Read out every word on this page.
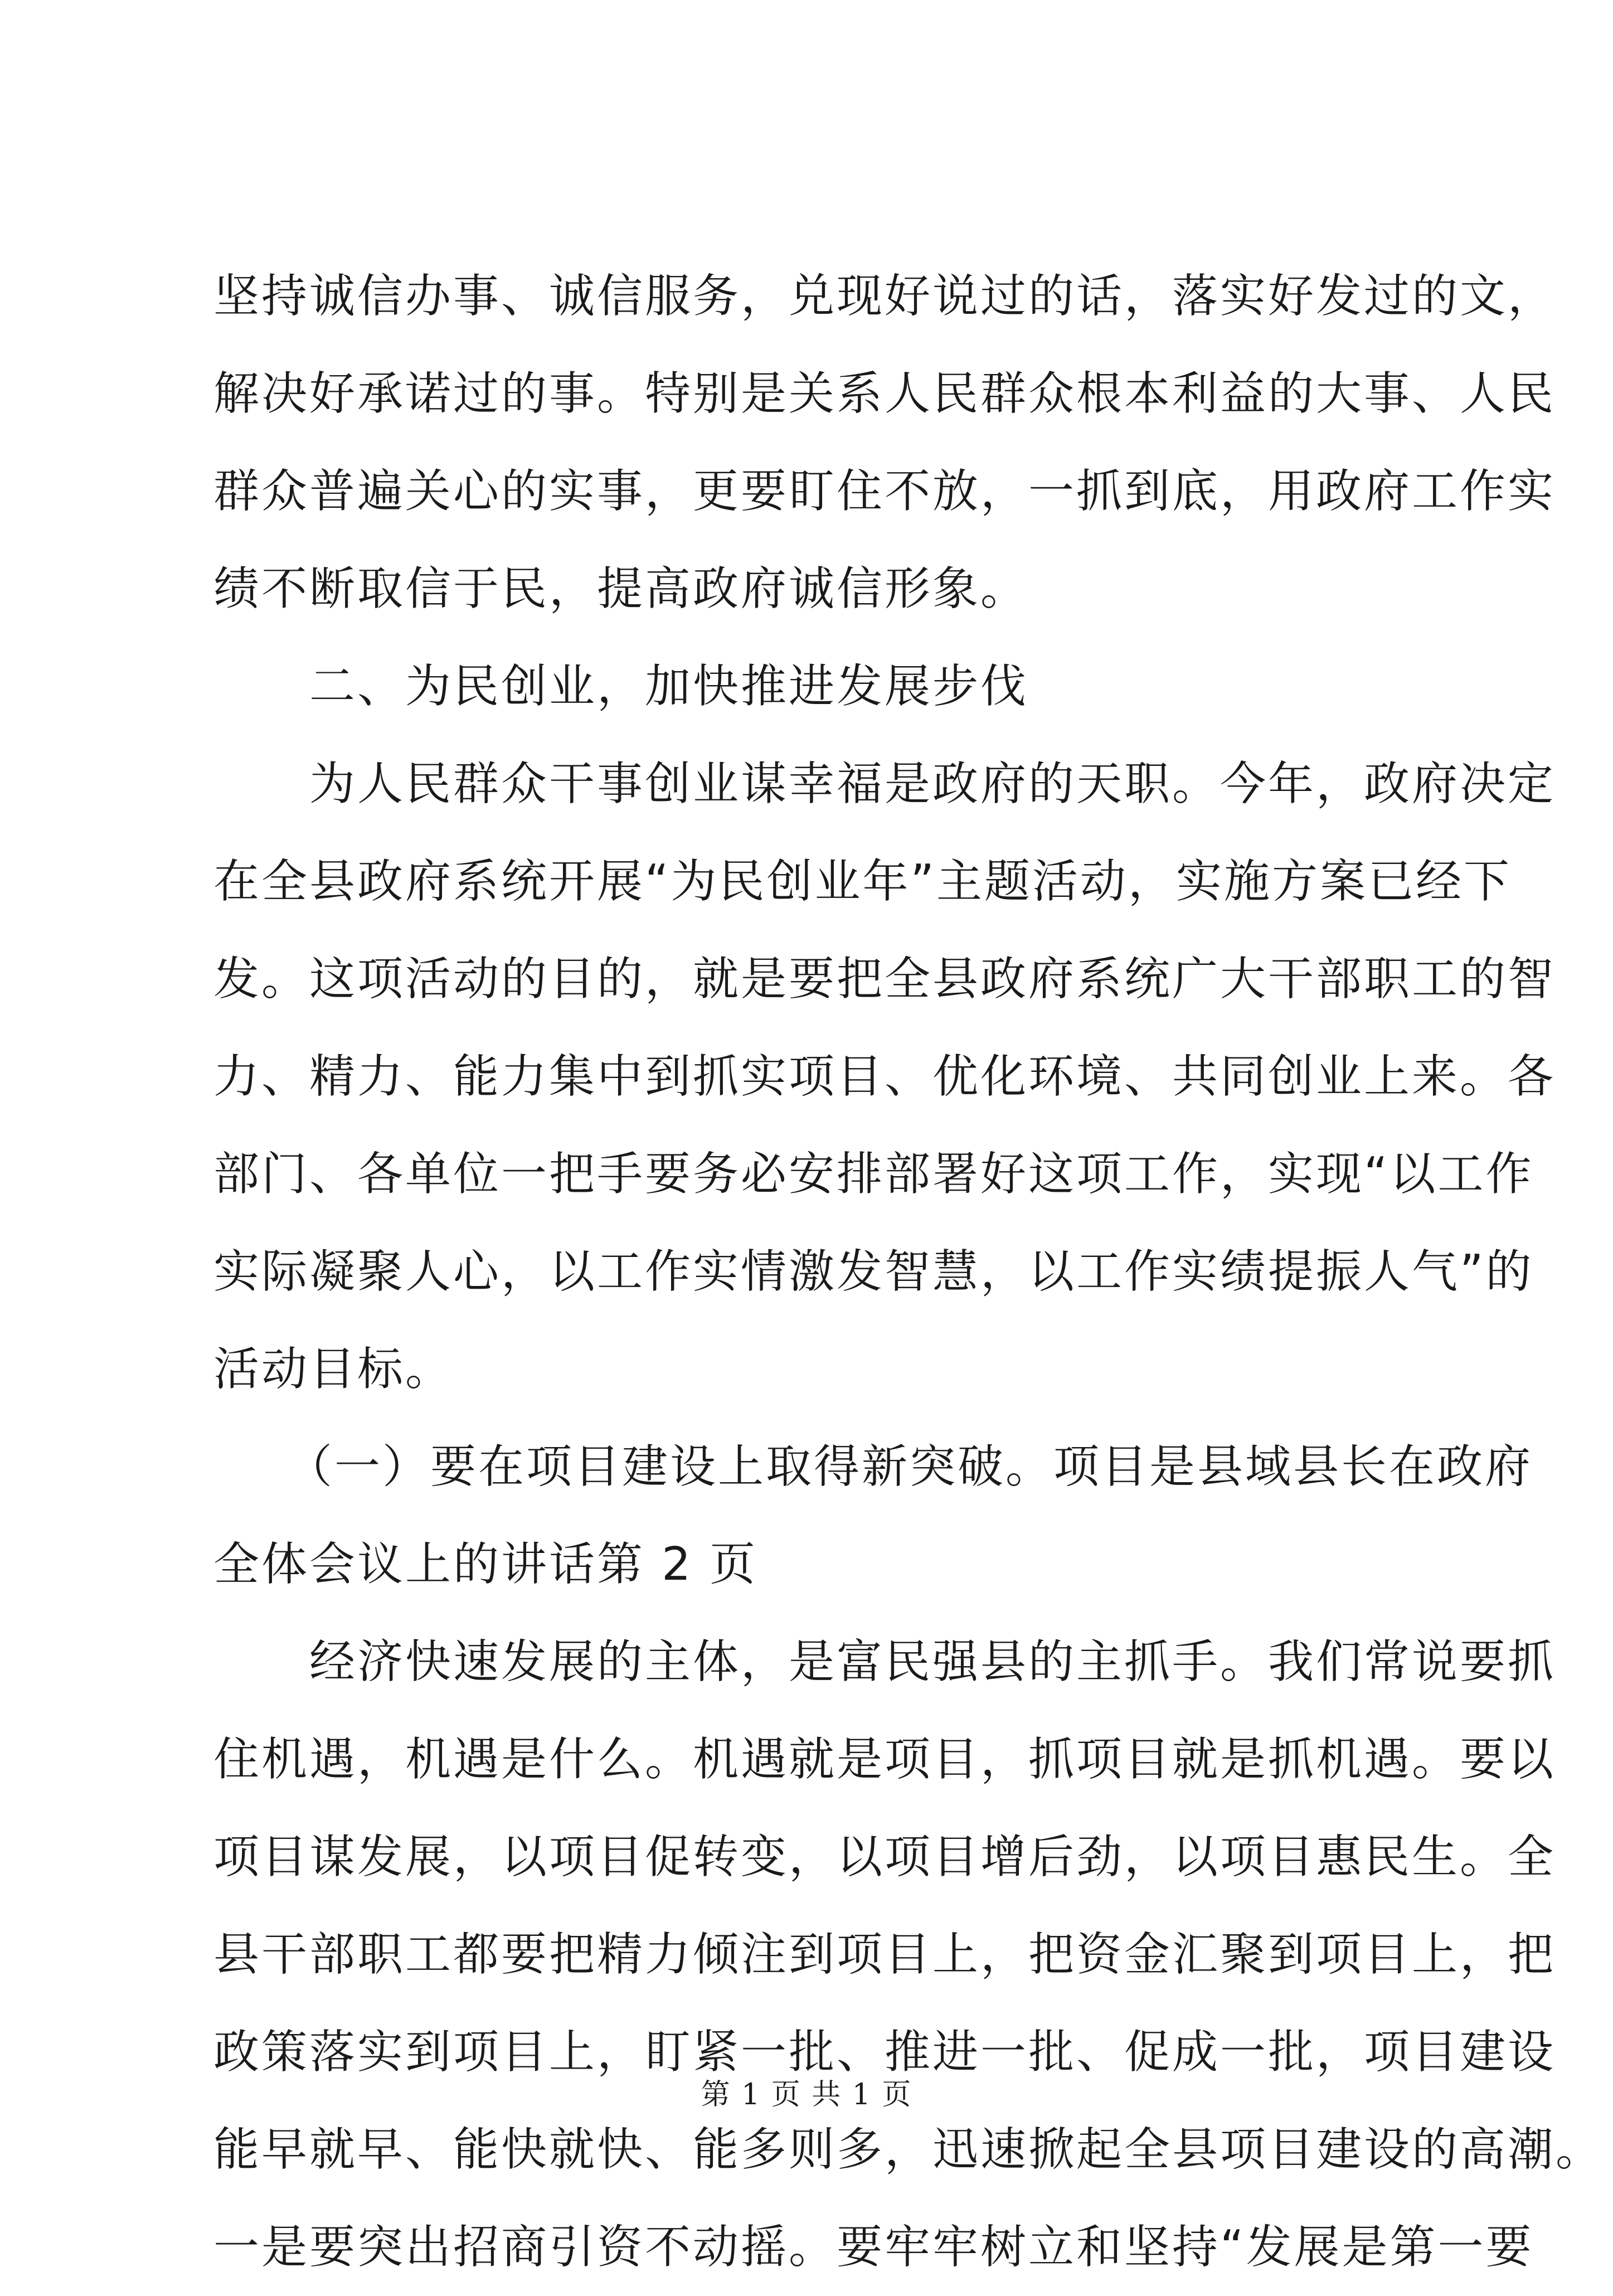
坚持诚信办事、诚信服务，兑现好说过的话，落实好发过的文，
解决好承诺过的事。特别是关系人民群众根本利益的大事、人民
群众普遍关心的实事，更要盯住不放，一抓到底，用政府工作实
绩不断取信于民，提高政府诚信形象。
　　二、为民创业，加快推进发展步伐
　　为人民群众干事创业谋幸福是政府的天职。今年，政府决定
在全县政府系统开展“为民创业年”主题活动，实施方案已经下
发。这项活动的目的，就是要把全县政府系统广大干部职工的智
力、精力、能力集中到抓实项目、优化环境、共同创业上来。各
部门、各单位一把手要务必安排部署好这项工作，实现“以工作
实际凝聚人心，以工作实情激发智慧，以工作实绩提振人气”的
活动目标。
　　（一）要在项目建设上取得新突破。项目是县域县长在政府
全体会议上的讲话第 2 页
　　经济快速发展的主体，是富民强县的主抓手。我们常说要抓
住机遇，机遇是什么。机遇就是项目，抓项目就是抓机遇。要以
项目谋发展，以项目促转变，以项目增后劲，以项目惠民生。全
县干部职工都要把精力倾注到项目上，把资金汇聚到项目上，把
政策落实到项目上，盯紧一批、推进一批、促成一批，项目建设
能早就早、能快就快、能多则多，迅速掀起全县项目建设的高潮。
一是要突出招商引资不动摇。要牢牢树立和坚持“发展是第一要
第 1 页 共 1 页
